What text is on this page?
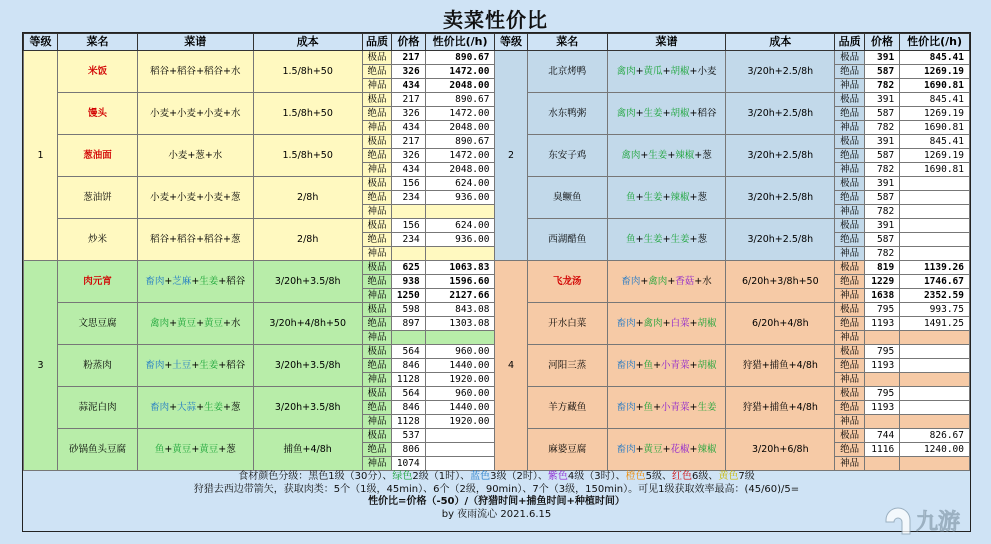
卖菜性价比
等级	菜名	菜谱	成本	品质	价格	性价比(/h)	等级	菜名	菜谱	成本	品质	价格	性价比(/h)
1	米饭	稻谷+稻谷+稻谷+水	1.5/8h+50	极品	217	890.67	2	北京烤鸭	禽肉+黄瓜+胡椒+小麦	3/20h+2.5/8h	极品	391	845.41
				绝品	326	1472.00					绝品	587	1269.19
				神品	434	2048.00					神品	782	1690.81
	馒头	小麦+小麦+小麦+水	1.5/8h+50	极品	217	890.67		水东鸭粥	禽肉+生姜+胡椒+稻谷	3/20h+2.5/8h	极品	391	845.41
				绝品	326	1472.00					绝品	587	1269.19
				神品	434	2048.00					神品	782	1690.81
	葱油面	小麦+葱+水	1.5/8h+50	极品	217	890.67		东安子鸡	禽肉+生姜+辣椒+葱	3/20h+2.5/8h	极品	391	845.41
				绝品	326	1472.00					绝品	587	1269.19
				神品	434	2048.00					神品	782	1690.81
	葱油饼	小麦+小麦+小麦+葱	2/8h	极品	156	624.00		臭鳜鱼	鱼+生姜+辣椒+葱	3/20h+2.5/8h	极品	391	
				绝品	234	936.00					绝品	587	
				神品							神品	782	
	炒米	稻谷+稻谷+稻谷+葱	2/8h	极品	156	624.00		西湖醋鱼	鱼+生姜+生姜+葱	3/20h+2.5/8h	极品	391	
				绝品	234	936.00					绝品	587	
				神品							神品	782	
3	肉元宵	畜肉+芝麻+生姜+稻谷	3/20h+3.5/8h	极品	625	1063.83	4	飞龙汤	畜肉+禽肉+香菇+水	6/20h+3/8h+50	极品	819	1139.26
				绝品	938	1596.60					绝品	1229	1746.67
				神品	1250	2127.66					神品	1638	2352.59
	文思豆腐	禽肉+黄豆+黄豆+水	3/20h+4/8h+50	极品	598	843.08		开水白菜	畜肉+禽肉+白菜+胡椒	6/20h+4/8h	极品	795	993.75
				绝品	897	1303.08					绝品	1193	1491.25
				神品							神品		
	粉蒸肉	畜肉+土豆+生姜+稻谷	3/20h+3.5/8h	极品	564	960.00		河阳三蒸	畜肉+鱼+小青菜+胡椒	狩猎+捕鱼+4/8h	极品	795	
				绝品	846	1440.00					绝品	1193	
				神品	1128	1920.00					神品		
	蒜泥白肉	畜肉+大蒜+生姜+葱	3/20h+3.5/8h	极品	564	960.00		羊方藏鱼	畜肉+鱼+小青菜+生姜	狩猎+捕鱼+4/8h	极品	795	
				绝品	846	1440.00					绝品	1193	
				神品	1128	1920.00					神品		
	砂锅鱼头豆腐	鱼+黄豆+黄豆+葱	捕鱼+4/8h	极品	537			麻婆豆腐	畜肉+黄豆+花椒+辣椒	3/20h+6/8h	极品	744	826.67
				绝品	806						绝品	1116	1240.00
				神品	1074						神品		
食材颜色分级：黑色1级（30分）、绿色2级（1时）、蓝色3级（2时）、紫色4级（3时）、橙色5级、红色6级、黄色7级
狩猎去西边带箭矢，获取肉类：5个（1级，45min）、6个（2级，90min）、7个（3级，150min）。可见1级获取效率最高：(45/60)/5=
性价比=价格（-50）/（狩猎时间+捕鱼时间+种植时间）
by 夜雨流心 2021.6.15	九游
